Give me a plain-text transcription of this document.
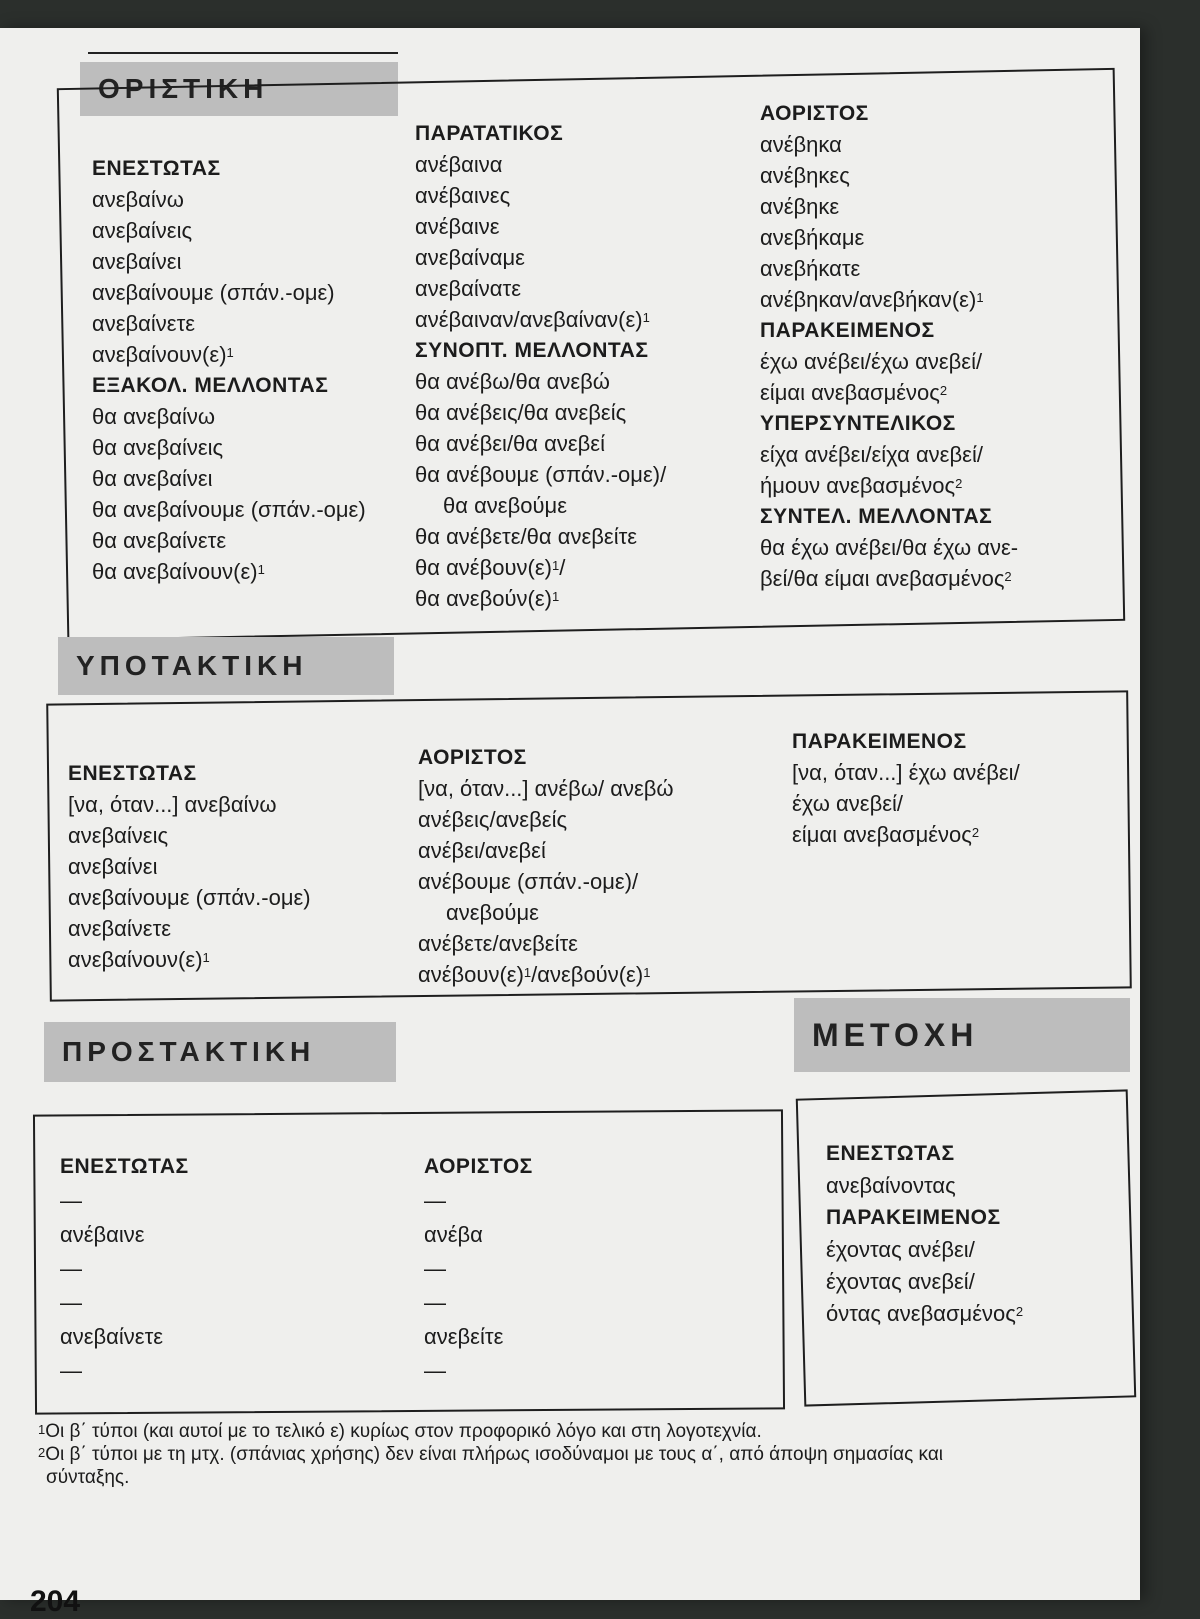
ΟΡΙΣΤΙΚΗ
ΕΝΕΣΤΩΤΑΣ
ανεβαίνω
ανεβαίνεις
ανεβαίνει
ανεβαίνουμε (σπάν.-ομε)
ανεβαίνετε
$\alpha\nu\varepsilon\beta\alpha ί\nu o\upsilon\nu(\varepsilon)^1$
ΕΞΑΚΟΛ. ΜΕΛΛΟΝΤΑΣ
θα ανεβαίνω
θα ανεβαίνεις
θα ανεβαίνει
θα ανεβαίνουμε (σπάν.-ομε)
θα ανεβαίνετε
θα $\alpha\nu\varepsilon\beta\alpha ί\nu o\upsilon\nu(\varepsilon)^1$
ΠΑΡΑΤΑΤΙΚΟΣ
ανέβαινα
ανέβαινες
ανέβαινε
ανεβαίναμε
ανεβαίνατε
ανέβαιναν/$\alpha\nu\varepsilon\beta\alpha ί\nu\alpha\nu(\varepsilon)^1$
ΣΥΝΟΠΤ. ΜΕΛΛΟΝΤΑΣ
θα ανέβω/θα ανεβώ
θα ανέβεις/θα ανεβείς
θα ανέβει/θα ανεβεί
θα ανέβουμε (σπάν.-ομε)/
θα ανεβούμε
θα ανέβετε/θα ανεβείτε
θα $\alpha\nu έ\beta o\upsilon\nu(\varepsilon)^1/$
θα $\alpha\nu\varepsilon\beta oύ\nu(\varepsilon)^1$
ΑΟΡΙΣΤΟΣ
ανέβηκα
ανέβηκες
ανέβηκε
ανεβήκαμε
ανεβήκατε
ανέβηκαν/$\alpha\nu\varepsilon\beta ή\kappa\alpha\nu(\varepsilon)^1$
ΠΑΡΑΚΕΙΜΕΝΟΣ
έχω ανέβει/έχω ανεβεί/
είμαι ανεβασμένος$^2$
ΥΠΕΡΣΥΝΤΕΛΙΚΟΣ
είχα ανέβει/είχα ανεβεί/
ήμουν ανεβασμένος$^2$
ΣΥΝΤΕΛ. ΜΕΛΛΟΝΤΑΣ
θα έχω ανέβει/θα έχω ανε-
βεί/θα είμαι ανεβασμένος$^2$
ΥΠΟΤΑΚΤΙΚΗ
ΕΝΕΣΤΩΤΑΣ
[να, όταν...] ανεβαίνω
ανεβαίνεις
ανεβαίνει
ανεβαίνουμε (σπάν.-ομε)
ανεβαίνετε
$\alpha\nu\varepsilon\beta\alpha ί\nu o\upsilon\nu(\varepsilon)^1$
ΑΟΡΙΣΤΟΣ
[να, όταν...] ανέβω/ ανεβώ
ανέβεις/ανεβείς
ανέβει/ανεβεί
ανέβουμε (σπάν.-ομε)/
ανεβούμε
ανέβετε/ανεβείτε
$\alpha\nu έ\beta o\upsilon\nu(\varepsilon)^1/\alpha\nu\varepsilon\beta oύ\nu(\varepsilon)^1$
ΠΑΡΑΚΕΙΜΕΝΟΣ
[να, όταν...] έχω ανέβει/
έχω ανεβεί/
είμαι ανεβασμένος$^2$
ΠΡΟΣΤΑΚΤΙΚΗ
ΕΝΕΣΤΩΤΑΣ
—
ανέβαινε
—
—
ανεβαίνετε
—
ΑΟΡΙΣΤΟΣ
—
ανέβα
—
—
ανεβείτε
—
ΜΕΤΟΧΗ
ΕΝΕΣΤΩΤΑΣ
ανεβαίνοντας
ΠΑΡΑΚΕΙΜΕΝΟΣ
έχοντας ανέβει/
έχοντας ανεβεί/
όντας ανεβασμένος$^2$
$^1$Οι β΄ τύποι (και αυτοί με το τελικό ε) κυρίως στον προφορικό λόγο και στη λογοτεχνία.
$^2$Οι β΄ τύποι με τη μτχ. (σπάνιας χρήσης) δεν είναι πλήρως ισοδύναμοι με τους α΄, από άποψη σημασίας και
σύνταξης.
204
